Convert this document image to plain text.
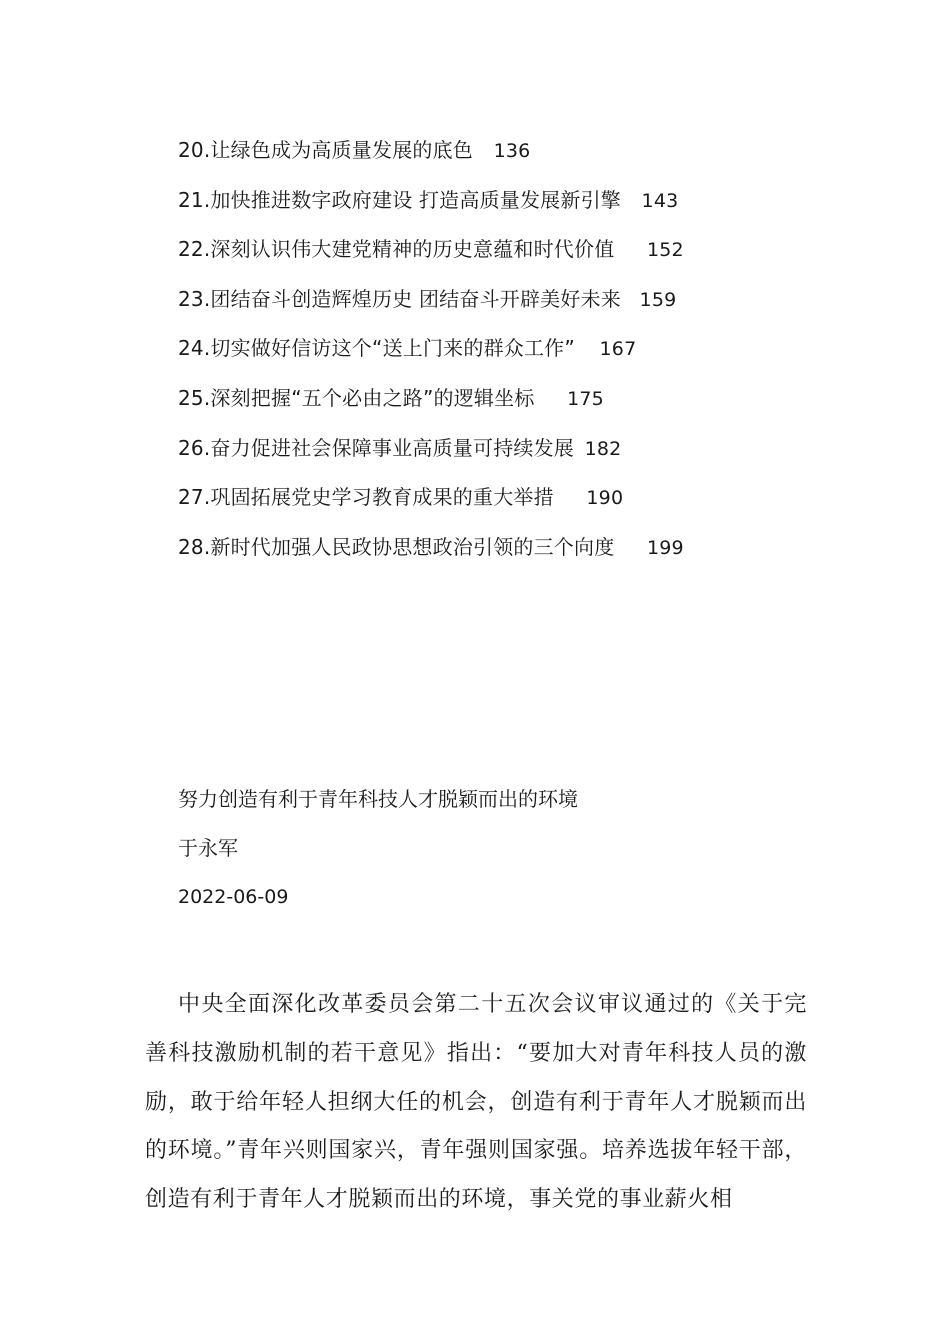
20.让绿色成为高质量发展的底色 136
21.加快推进数字政府建设 打造高质量发展新引擎 143
22.深刻认识伟大建党精神的历史意蕴和时代价值 152
23.团结奋斗创造辉煌历史 团结奋斗开辟美好未来 159
24.切实做好信访这个“送上门来的群众工作” 167
25.深刻把握“五个必由之路”的逻辑坐标 175
26.奋力促进社会保障事业高质量可持续发展 182
27.巩固拓展党史学习教育成果的重大举措 190
28.新时代加强人民政协思想政治引领的三个向度 199
努力创造有利于青年科技人才脱颖而出的环境
于永军
2022-06-09

中央全面深化改革委员会第二十五次会议审议通过的《关于完善科技激励机制的若干意见》指出：“要加大对青年科技人员的激励，敢于给年轻人担纲大任的机会，创造有利于青年人才脱颖而出的环境。”青年兴则国家兴，青年强则国家强。培养选拔年轻干部，创造有利于青年人才脱颖而出的环境，事关党的事业薪火相
